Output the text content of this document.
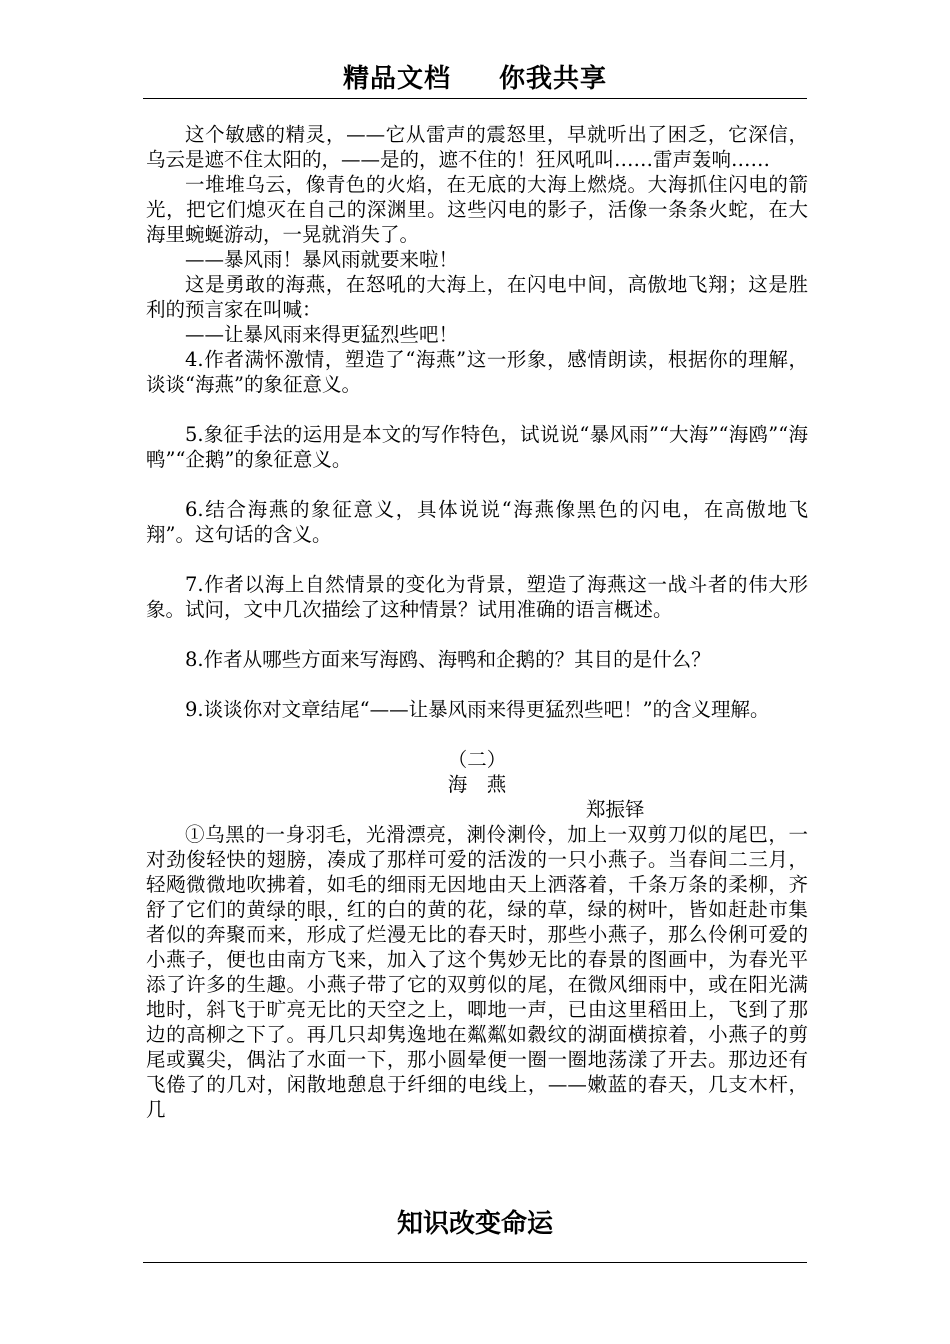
精品文档 你我共享

这个敏感的精灵，——它从雷声的震怒里，早就听出了困乏，它深信，乌云是遮不住太阳的，——是的，遮不住的！狂风吼叫……雷声轰响……

一堆堆乌云，像青色的火焰，在无底的大海上燃烧。大海抓住闪电的箭光，把它们熄灭在自己的深渊里。这些闪电的影子，活像一条条火蛇，在大海里蜿蜒游动，一晃就消失了。

——暴风雨！暴风雨就要来啦！

这是勇敢的海燕，在怒吼的大海上，在闪电中间，高傲地飞翔；这是胜利的预言家在叫喊：

——让暴风雨来得更猛烈些吧！

4.作者满怀激情，塑造了“海燕”这一形象，感情朗读，根据你的理解，谈谈“海燕”的象征意义。

5.象征手法的运用是本文的写作特色，试说说“暴风雨”“大海”“海鸥”“海鸭”“企鹅”的象征意义。

6.结合海燕的象征意义，具体说说“海燕像黑色的闪电，在高傲地飞翔”。这句话的含义。

7.作者以海上自然情景的变化为背景，塑造了海燕这一战斗者的伟大形象。试问，文中几次描绘了这种情景？试用准确的语言概述。

8.作者从哪些方面来写海鸥、海鸭和企鹅的？其目的是什么？

9.谈谈你对文章结尾“——让暴风雨来得更猛烈些吧！”的含义理解。

（二）

海　燕

郑振铎

①乌黑的一身羽毛，光滑漂亮，溂伶溂伶，加上一双剪刀似的尾巴，一对劲俊轻快的翅膀，凑成了那样可爱的活泼的一只小燕子。当春间二三月，轻飏微微地吹拂着，如毛的细雨无因地由天上洒落着，千条万条的柔柳，齐舒了它们的黄绿的眼，红的白的黄的花，绿的草，绿的树叶，皆如赶赴市集者似的奔聚而来，形成了烂漫无比的春天时，那些小燕子，那么伶俐可爱的小燕子，便也由南方飞来，加入了这个隽妙无比的春景的图画中，为春光平添了许多的生趣。小燕子带了它的双剪似的尾，在微风细雨中，或在阳光满地时，斜飞于旷亮无比的天空之上，唧地一声，已由这里稻田上，飞到了那边的高柳之下了。再几只却隽逸地在粼粼如縠纹的湖面横掠着，小燕子的剪尾或翼尖，偶沾了水面一下，那小圆晕便一圈一圈地荡漾了开去。那边还有飞倦了的几对，闲散地憩息于纤细的电线上，——嫩蓝的春天，几支木杆，几

知识改变命运
